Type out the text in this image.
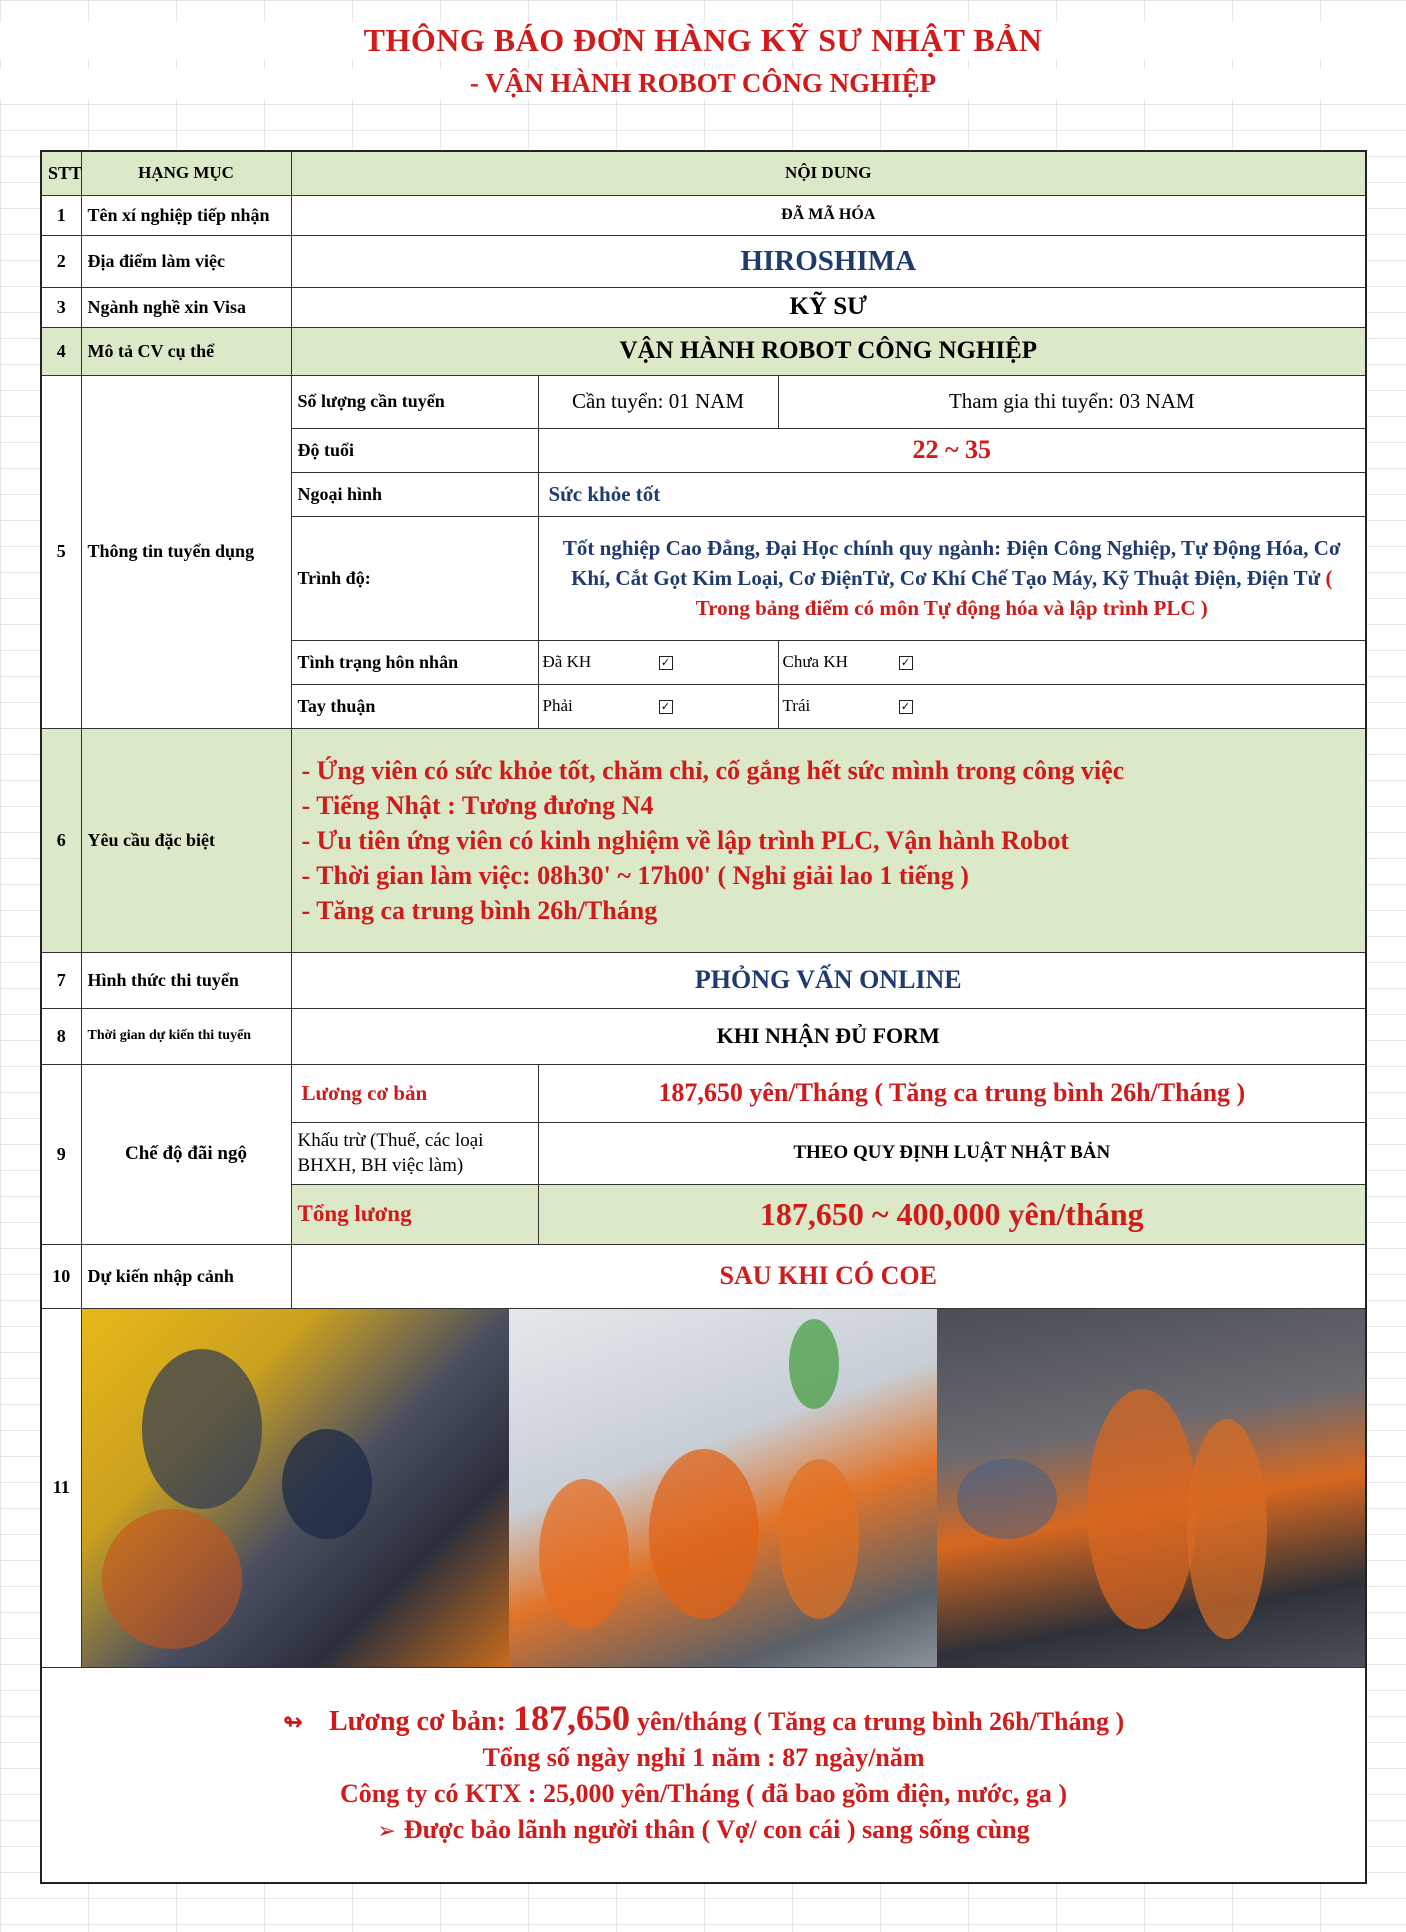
THÔNG BÁO ĐƠN HÀNG KỸ SƯ NHẬT BẢN
- VẬN HÀNH ROBOT CÔNG NGHIỆP
STT	HẠNG MỤC	NỘI DUNG		
1	Tên xí nghiệp tiếp nhận	ĐÃ MÃ HÓA		
2	Địa điểm làm việc	HIROSHIMA		
3	Ngành nghề xin Visa	KỸ SƯ		
4	Mô tả CV cụ thể	VẬN HÀNH ROBOT CÔNG NGHIỆP		
5	Thông tin tuyển dụng	Số lượng cần tuyển	Cần tuyển: 01 NAM	Tham gia thi tuyển: 03 NAM
		Độ tuổi	22 ~ 35	
		Ngoại hình	Sức khỏe tốt	
		Trình độ:	Tốt nghiệp Cao Đẳng, Đại Học chính quy ngành: Điện Công Nghiệp, Tự Động Hóa, Cơ Khí, Cắt Gọt Kim Loại, Cơ ĐiệnTử, Cơ Khí Chế Tạo Máy, Kỹ Thuật Điện, Điện Tử ( Trong bảng điểm có môn Tự động hóa và lập trình PLC )	
		Tình trạng hôn nhân	Đã KH ✓	Chưa KH ✓
		Tay thuận	Phải ✓	Trái ✓
6	Yêu cầu đặc biệt	- Ứng viên có sức khỏe tốt, chăm chỉ, cố gắng hết sức mình trong công việc
- Tiếng Nhật : Tương đương N4
- Ưu tiên ứng viên có kinh nghiệm về lập trình PLC, Vận hành Robot
- Thời gian làm việc: 08h30' ~ 17h00' ( Nghỉ giải lao 1 tiếng )
- Tăng ca trung bình 26h/Tháng		

7	Hình thức thi tuyển	PHỎNG VẤN ONLINE		
8	Thời gian dự kiến thi tuyển	KHI NHẬN ĐỦ FORM		
9	Chế độ đãi ngộ	Lương cơ bản	187,650 yên/Tháng ( Tăng ca trung bình 26h/Tháng )	
		Khấu trừ (Thuế, các loại BHXH, BH việc làm)	THEO QUY ĐỊNH LUẬT NHẬT BẢN	
		Tổng lương	187,650 ~ 400,000 yên/tháng	
10	Dự kiến nhập cảnh	SAU KHI CÓ COE		
11				

↬ Lương cơ bản: 187,650 yên/tháng ( Tăng ca trung bình 26h/Tháng )
Tổng số ngày nghỉ 1 năm : 87 ngày/năm
Công ty có KTX : 25,000 yên/Tháng ( đã bao gồm điện, nước, ga )
➢ Được bảo lãnh người thân ( Vợ/ con cái ) sang sống cùng				
